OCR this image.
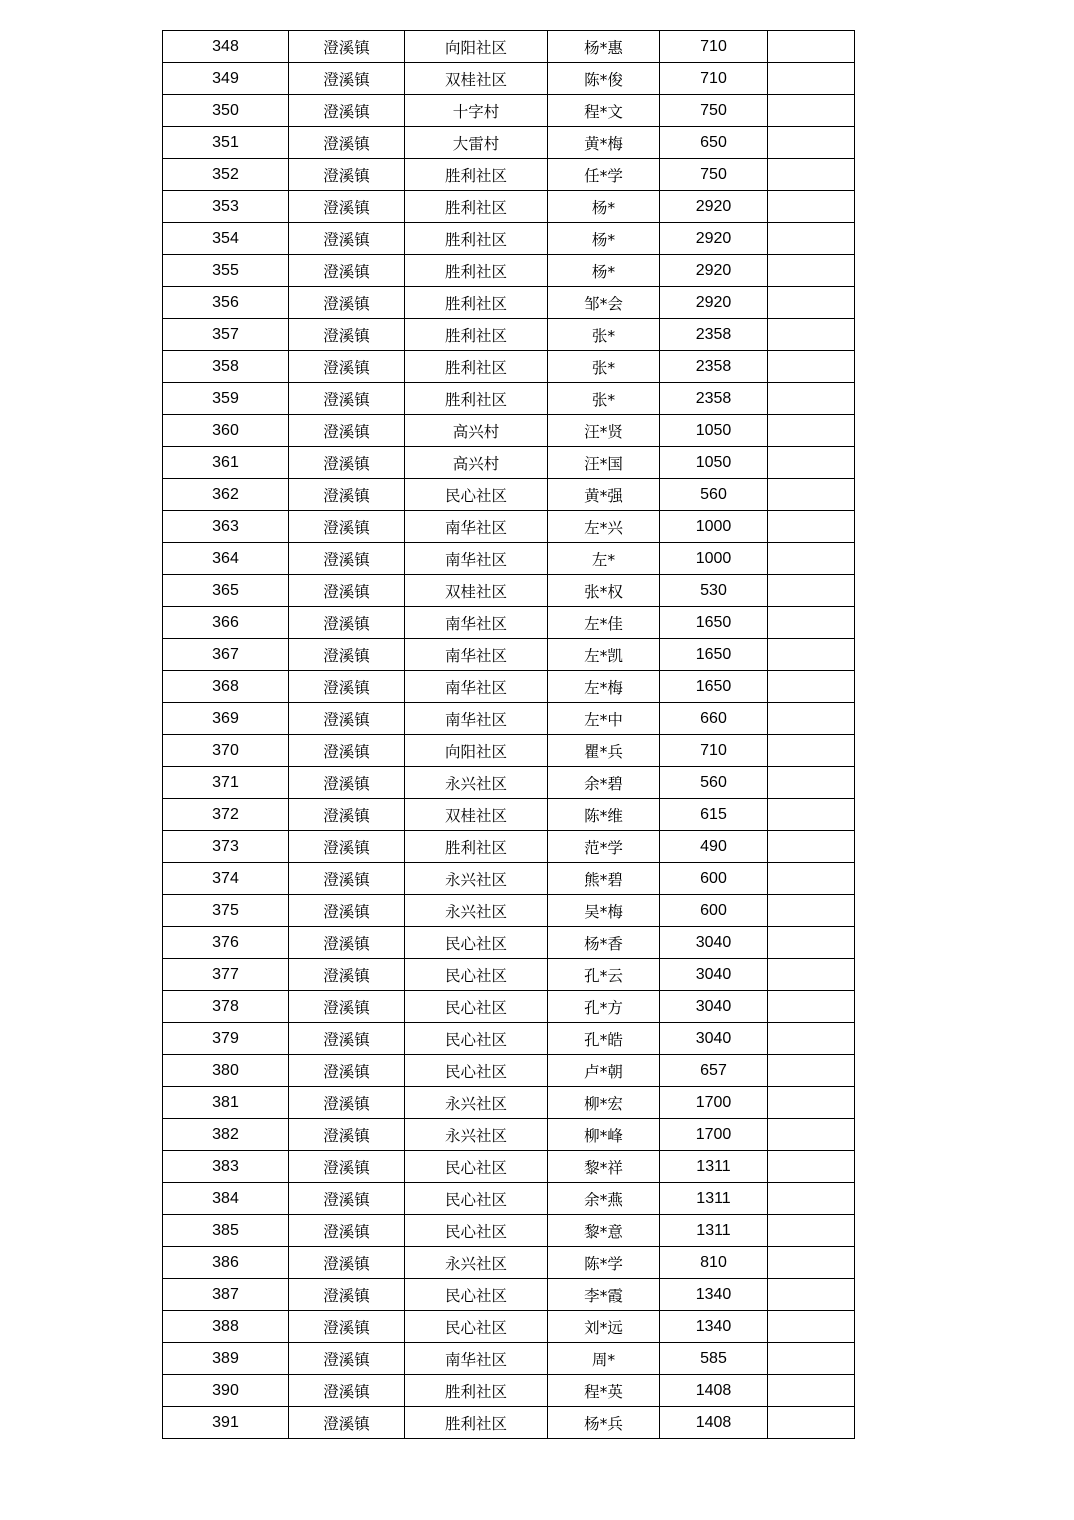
348	澄溪镇	向阳社区	杨*惠	710	
349	澄溪镇	双桂社区	陈*俊	710	
350	澄溪镇	十字村	程*文	750	
351	澄溪镇	大雷村	黄*梅	650	
352	澄溪镇	胜利社区	任*学	750	
353	澄溪镇	胜利社区	杨*	2920	
354	澄溪镇	胜利社区	杨*	2920	
355	澄溪镇	胜利社区	杨*	2920	
356	澄溪镇	胜利社区	邹*会	2920	
357	澄溪镇	胜利社区	张*	2358	
358	澄溪镇	胜利社区	张*	2358	
359	澄溪镇	胜利社区	张*	2358	
360	澄溪镇	高兴村	汪*贤	1050	
361	澄溪镇	高兴村	汪*国	1050	
362	澄溪镇	民心社区	黄*强	560	
363	澄溪镇	南华社区	左*兴	1000	
364	澄溪镇	南华社区	左*	1000	
365	澄溪镇	双桂社区	张*权	530	
366	澄溪镇	南华社区	左*佳	1650	
367	澄溪镇	南华社区	左*凯	1650	
368	澄溪镇	南华社区	左*梅	1650	
369	澄溪镇	南华社区	左*中	660	
370	澄溪镇	向阳社区	瞿*兵	710	
371	澄溪镇	永兴社区	余*碧	560	
372	澄溪镇	双桂社区	陈*维	615	
373	澄溪镇	胜利社区	范*学	490	
374	澄溪镇	永兴社区	熊*碧	600	
375	澄溪镇	永兴社区	吴*梅	600	
376	澄溪镇	民心社区	杨*香	3040	
377	澄溪镇	民心社区	孔*云	3040	
378	澄溪镇	民心社区	孔*方	3040	
379	澄溪镇	民心社区	孔*皓	3040	
380	澄溪镇	民心社区	卢*朝	657	
381	澄溪镇	永兴社区	柳*宏	1700	
382	澄溪镇	永兴社区	柳*峰	1700	
383	澄溪镇	民心社区	黎*祥	1311	
384	澄溪镇	民心社区	余*燕	1311	
385	澄溪镇	民心社区	黎*意	1311	
386	澄溪镇	永兴社区	陈*学	810	
387	澄溪镇	民心社区	李*霞	1340	
388	澄溪镇	民心社区	刘*远	1340	
389	澄溪镇	南华社区	周*	585	
390	澄溪镇	胜利社区	程*英	1408	
391	澄溪镇	胜利社区	杨*兵	1408	
